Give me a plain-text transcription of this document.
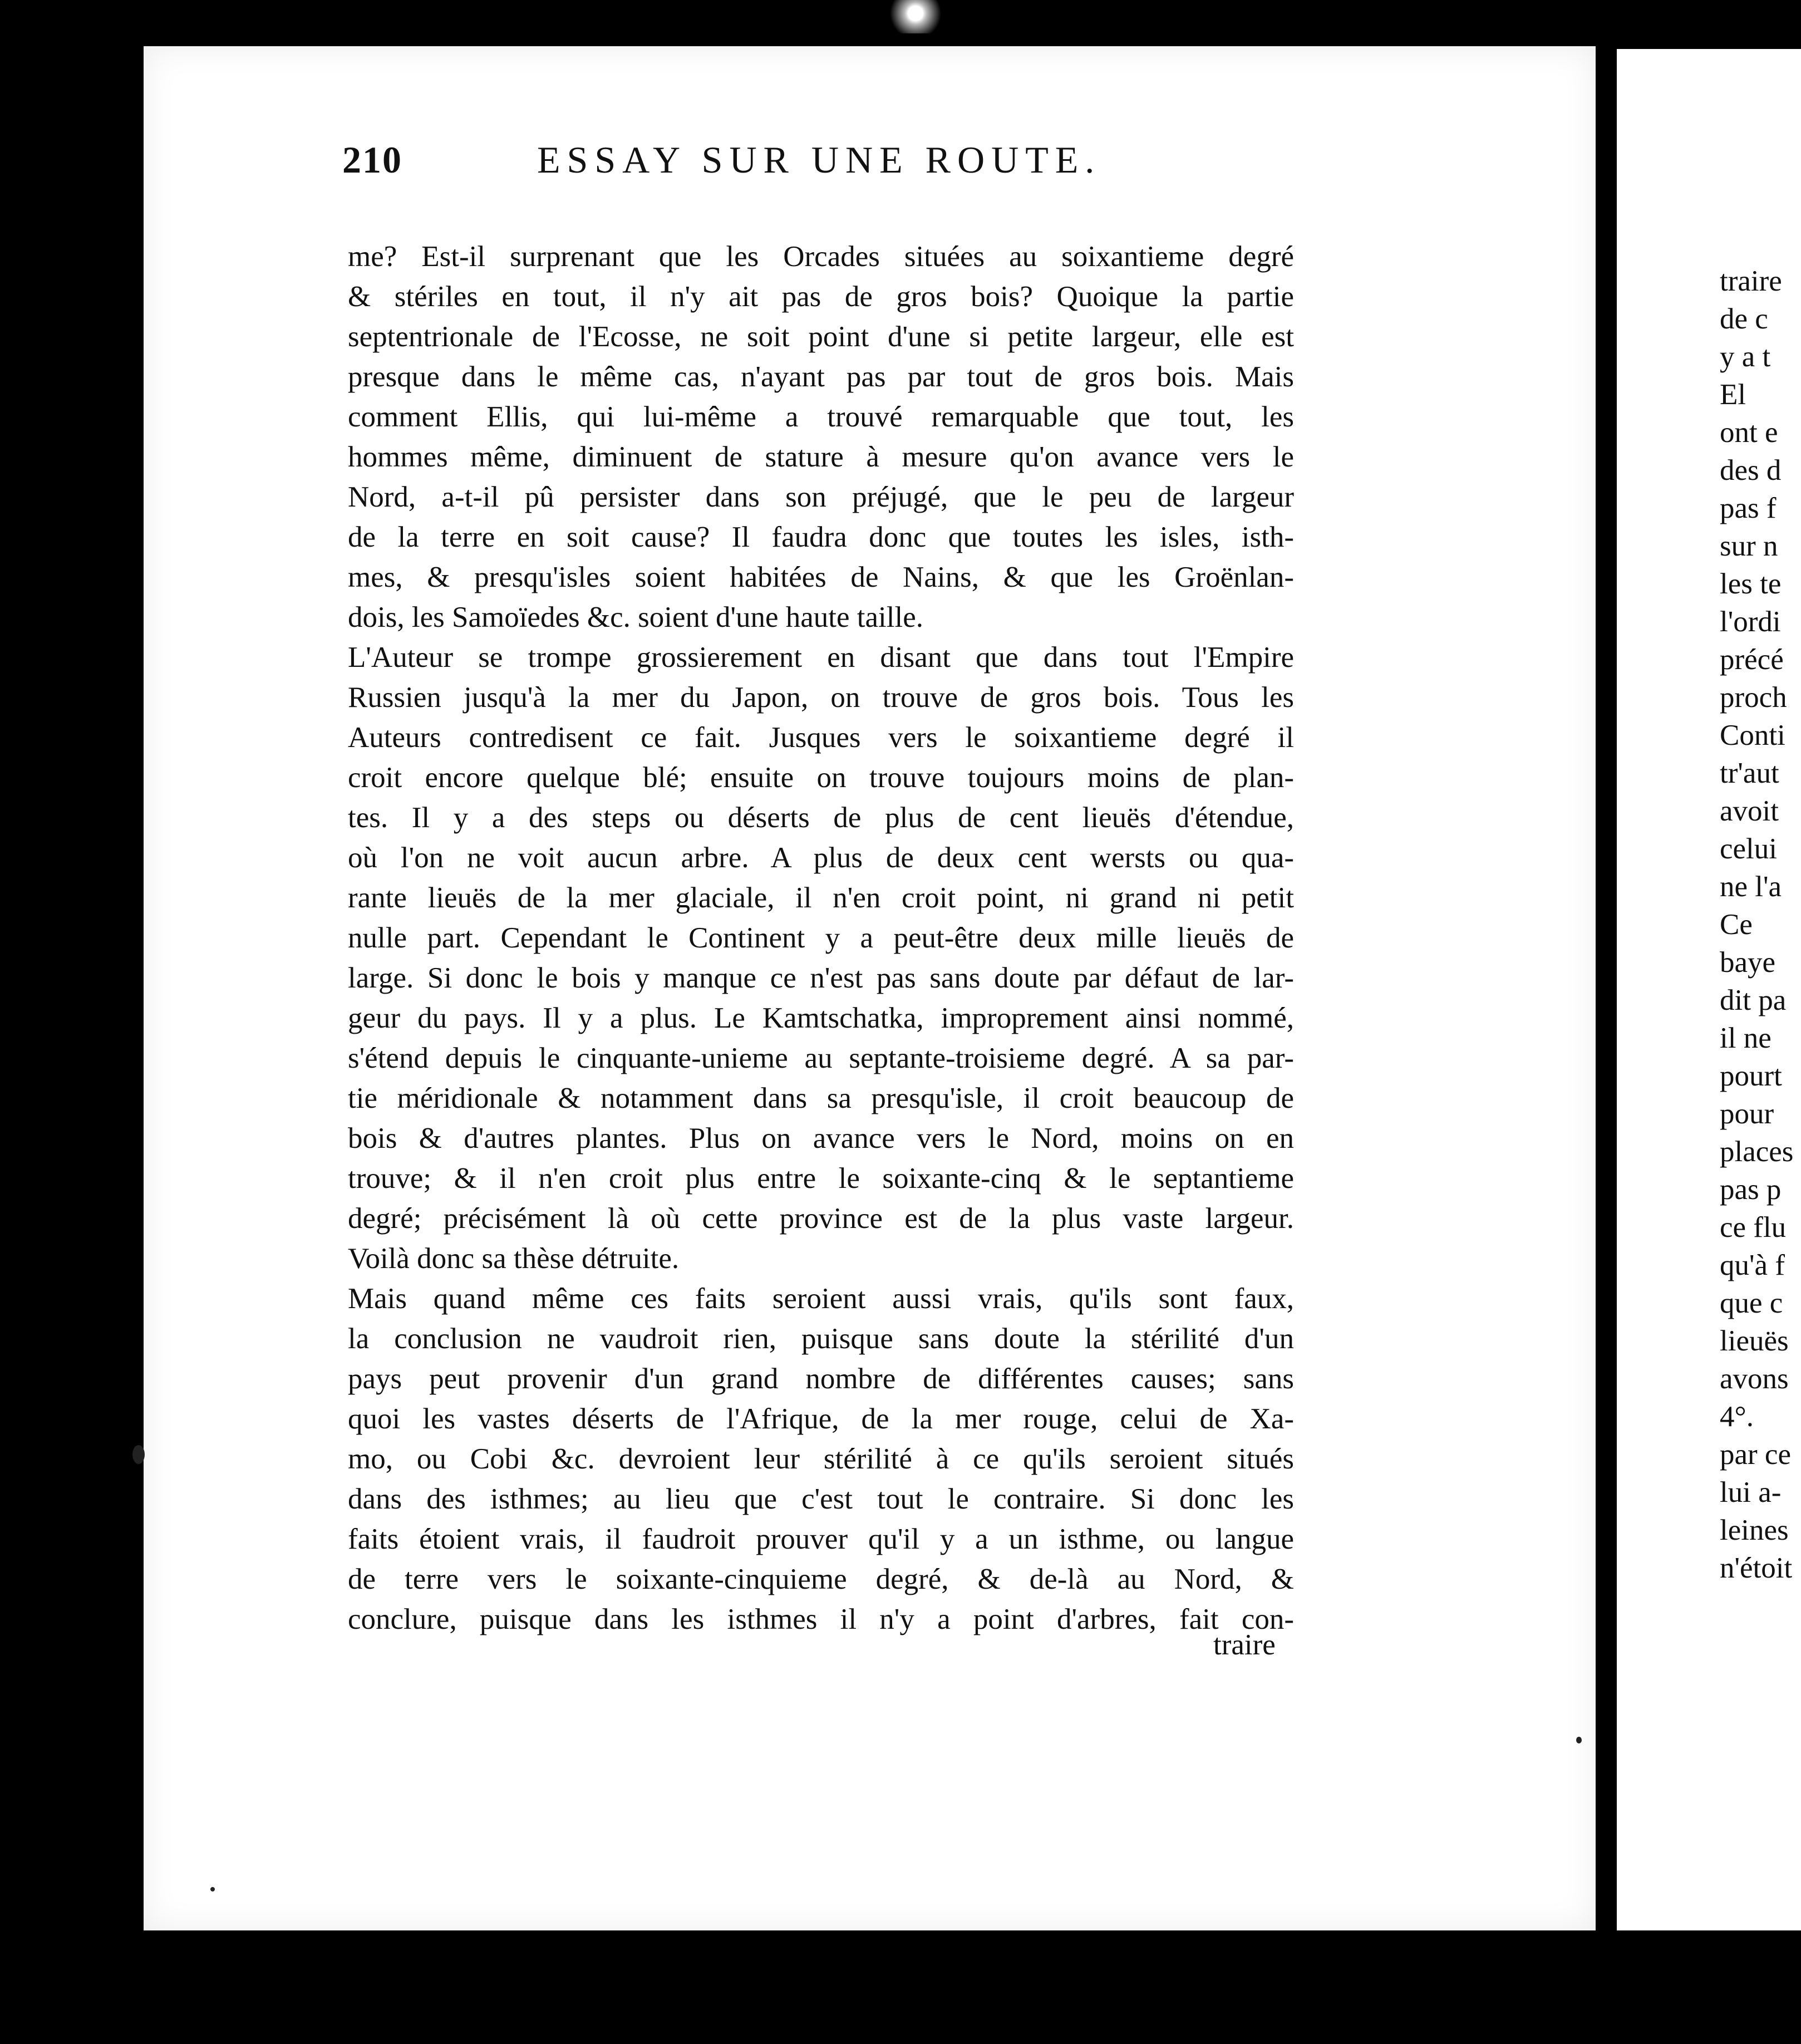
210	ESSAY SUR UNE ROUTE.

me? Est-il surprenant que les Orcades situées au soixantieme degré
& stériles en tout, il n'y ait pas de gros bois? Quoique la partie
septentrionale de l'Ecosse, ne soit point d'une si petite largeur, elle est
presque dans le même cas, n'ayant pas par tout de gros bois. Mais
comment Ellis, qui lui-même a trouvé remarquable que tout, les
hommes même, diminuent de stature à mesure qu'on avance vers le
Nord, a-t-il pû persister dans son préjugé, que le peu de largeur
de la terre en soit cause? Il faudra donc que toutes les isles, isth-
mes, & presqu'isles soient habitées de Nains, & que les Groënlan-
dois, les Samoïedes &c. soient d'une haute taille.

L'Auteur se trompe grossierement en disant que dans tout l'Empire
Russien jusqu'à la mer du Japon, on trouve de gros bois. Tous les
Auteurs contredisent ce fait. Jusques vers le soixantieme degré il
croit encore quelque blé; ensuite on trouve toujours moins de plan-
tes. Il y a des steps ou déserts de plus de cent lieuës d'étendue,
où l'on ne voit aucun arbre. A plus de deux cent wersts ou qua-
rante lieuës de la mer glaciale, il n'en croit point, ni grand ni petit
nulle part. Cependant le Continent y a peut-être deux mille lieuës de
large. Si donc le bois y manque ce n'est pas sans doute par défaut de lar-
geur du pays. Il y a plus. Le Kamtschatka, improprement ainsi nommé,
s'étend depuis le cinquante-unieme au septante-troisieme degré. A sa par-
tie méridionale & notamment dans sa presqu'isle, il croit beaucoup de
bois & d'autres plantes. Plus on avance vers le Nord, moins on en
trouve; & il n'en croit plus entre le soixante-cinq & le septantieme
degré; précisément là où cette province est de la plus vaste largeur.
Voilà donc sa thèse détruite.

Mais quand même ces faits seroient aussi vrais, qu'ils sont faux,
la conclusion ne vaudroit rien, puisque sans doute la stérilité d'un
pays peut provenir d'un grand nombre de différentes causes; sans
quoi les vastes déserts de l'Afrique, de la mer rouge, celui de Xa-
mo, ou Cobi &c. devroient leur stérilité à ce qu'ils seroient situés
dans des isthmes; au lieu que c'est tout le contraire. Si donc les
faits étoient vrais, il faudroit prouver qu'il y a un isthme, ou langue
de terre vers le soixante-cinquieme degré, & de-là au Nord, &
conclure, puisque dans les isthmes il n'y a point d'arbres, fait con-

traire
traire
de c
y a t
El
ont e
des d
pas f
sur n
les te
l'ordi
précé
proch
Conti
tr'aut
avoit
celui
ne l'a
Ce
baye
dit pa
il ne
pourt
pour
places
pas p
ce flu
qu'à f
que c
lieuës
avons
4°.
par ce
lui a-
leines
n'étoit
